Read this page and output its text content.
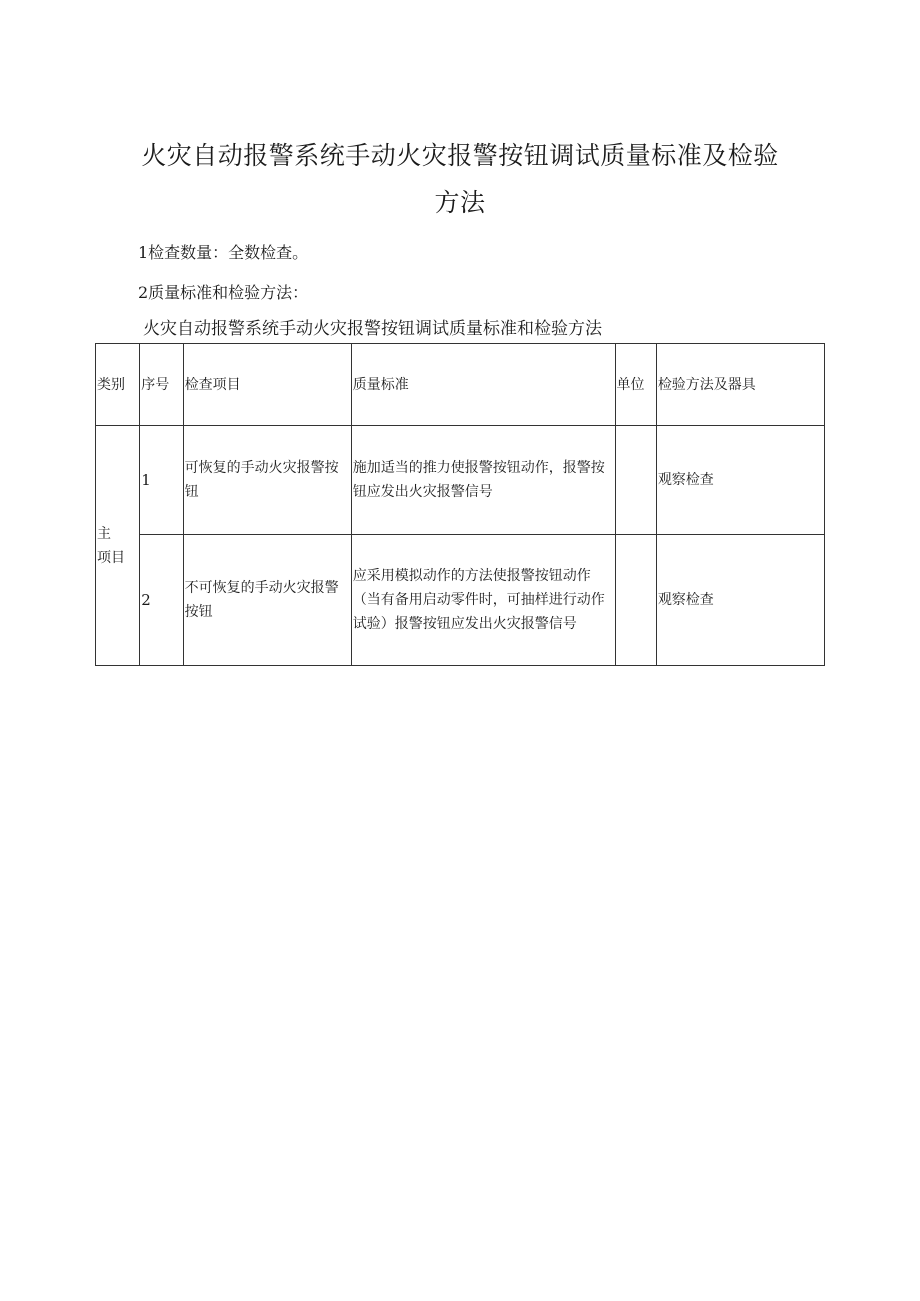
火灾自动报警系统手动火灾报警按钮调试质量标准及检验
方法
1检查数量：全数检查。
2质量标准和检验方法：
火灾自动报警系统手动火灾报警按钮调试质量标准和检验方法
类别	序号	检查项目	质量标准	单位	检验方法及器具

主
项目	1	可恢复的手动火灾报警按钮	施加适当的推力使报警按钮动作，报警按钮应发出火灾报警信号		观察检查
	2	不可恢复的手动火灾报警按钮	应采用模拟动作的方法使报警按钮动作（当有备用启动零件时，可抽样进行动作试验）报警按钮应发出火灾报警信号		观察检查
